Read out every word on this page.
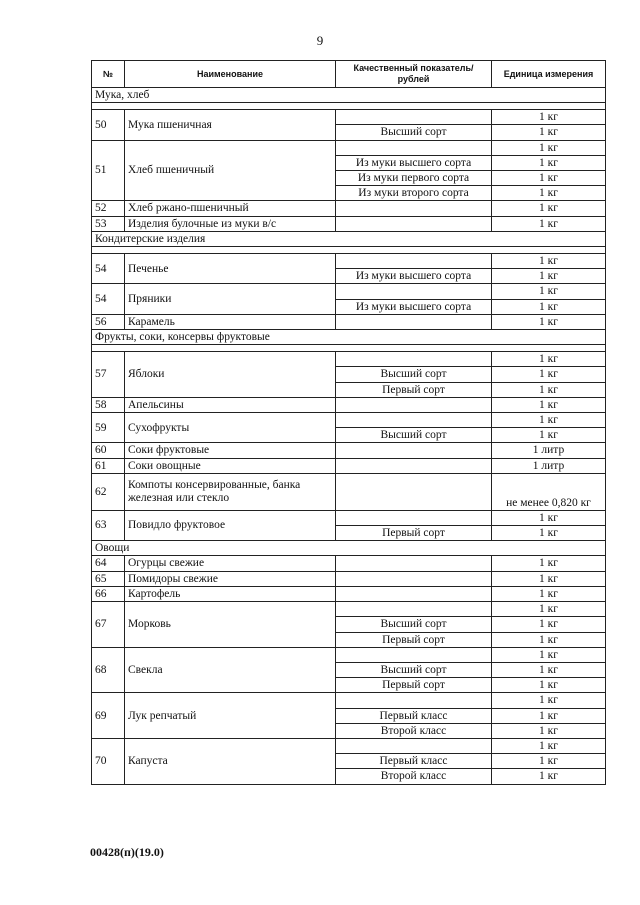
9
№	Наименование	Качественный показатель/рублей	Единица измерения
Мука, хлеб			

50	Мука пшеничная		1 кг
		Высший сорт	1 кг
51	Хлеб пшеничный		1 кг
		Из муки высшего сорта	1 кг
		Из муки первого сорта	1 кг
		Из муки второго сорта	1 кг
52	Хлеб ржано-пшеничный		1 кг
53	Изделия булочные из муки в/с		1 кг
Кондитерские изделия			

54	Печенье		1 кг
		Из муки высшего сорта	1 кг
54	Пряники		1 кг
		Из муки высшего сорта	1 кг
56	Карамель		1 кг
Фрукты, соки, консервы фруктовые			

57	Яблоки		1 кг
		Высший сорт	1 кг
		Первый сорт	1 кг
58	Апельсины		1 кг
59	Сухофрукты		1 кг
		Высший сорт	1 кг
60	Соки фруктовые		1 литр
61	Соки овощные		1 литр
62	Компоты консервированные, банка железная или стекло		не менее 0,820 кг
63	Повидло фруктовое		1 кг
		Первый сорт	1 кг
Овощи			
64	Огурцы свежие		1 кг
65	Помидоры свежие		1 кг
66	Картофель		1 кг
67	Морковь		1 кг
		Высший сорт	1 кг
		Первый сорт	1 кг
68	Свекла		1 кг
		Высший сорт	1 кг
		Первый сорт	1 кг
69	Лук репчатый		1 кг
		Первый класс	1 кг
		Второй класс	1 кг
70	Капуста		1 кг
		Первый класс	1 кг
		Второй класс	1 кг
00428(п)(19.0)
